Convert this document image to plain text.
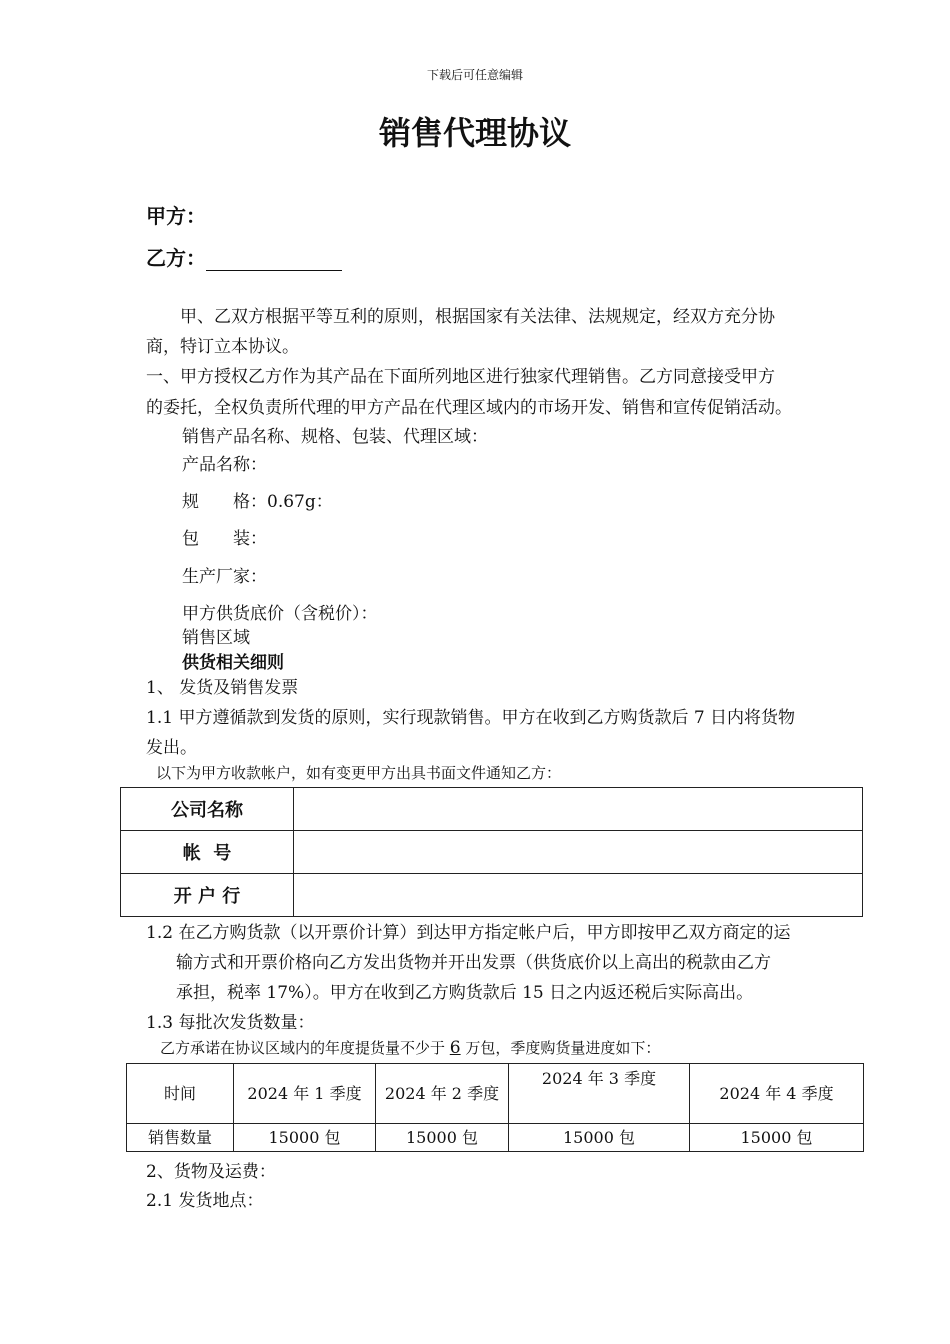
下载后可任意编辑
销售代理协议
甲方：
乙方：
甲、乙双方根据平等互利的原则，根据国家有关法律、法规规定，经双方充分协
商，特订立本协议。
一、甲方授权乙方作为其产品在下面所列地区进行独家代理销售。乙方同意接受甲方
的委托，全权负责所代理的甲方产品在代理区域内的市场开发、销售和宣传促销活动。
销售产品名称、规格、包装、代理区域：
产品名称：
规　　格：0.67g：
包　　装：
生产厂家：
甲方供货底价（含税价）：
销售区域
供货相关细则
1、 发货及销售发票
1.1 甲方遵循款到发货的原则，实行现款销售。甲方在收到乙方购货款后 7 日内将货物
发出。
以下为甲方收款帐户，如有变更甲方出具书面文件通知乙方：
公司名称	
帐  号	
开 户 行	
1.2 在乙方购货款（以开票价计算）到达甲方指定帐户后，甲方即按甲乙双方商定的运
输方式和开票价格向乙方发出货物并开出发票（供货底价以上高出的税款由乙方
承担，税率 17%）。甲方在收到乙方购货款后 15 日之内返还税后实际高出。
1.3 每批次发货数量：
乙方承诺在协议区域内的年度提货量不少于 6 万包，季度购货量进度如下：
时间	2024 年 1 季度	2024 年 2 季度	2024 年 3 季度	2024 年 4 季度
销售数量	15000 包	15000 包	15000 包	15000 包
2、货物及运费：
2.1 发货地点：
